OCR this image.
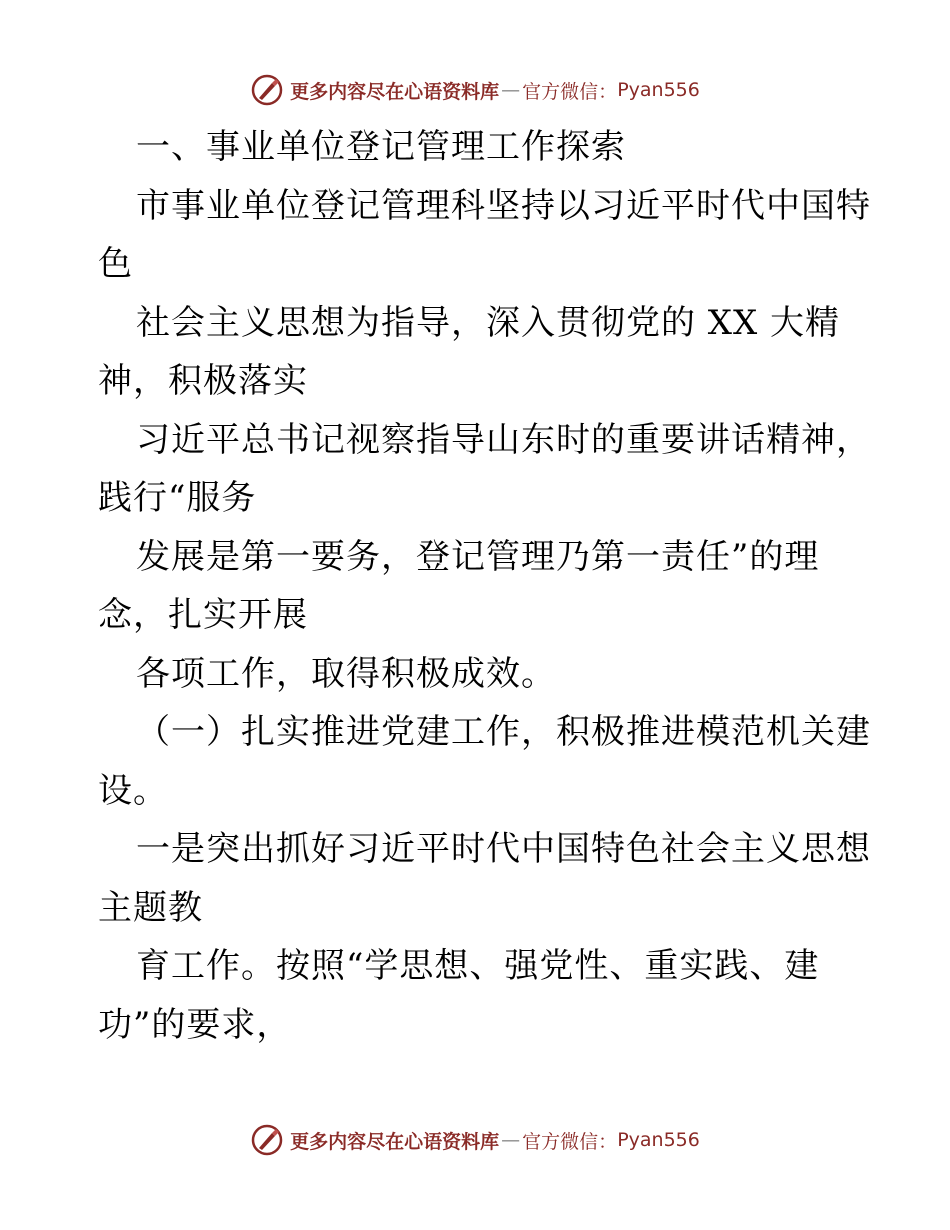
更多内容尽在心语资料库 — 官方微信： Pyan556
一、事业单位登记管理工作探索
市事业单位登记管理科坚持以习近平时代中国特
色
社会主义思想为指导，深入贯彻党的 XX 大精
神，积极落实
习近平总书记视察指导山东时的重要讲话精神，
践行“服务
发展是第一要务，登记管理乃第一责任”的理
念，扎实开展
各项工作，取得积极成效。
（一）扎实推进党建工作，积极推进模范机关建
设。
一是突出抓好习近平时代中国特色社会主义思想
主题教
育工作。按照“学思想、强党性、重实践、建
功”的要求，
更多内容尽在心语资料库 — 官方微信： Pyan556
